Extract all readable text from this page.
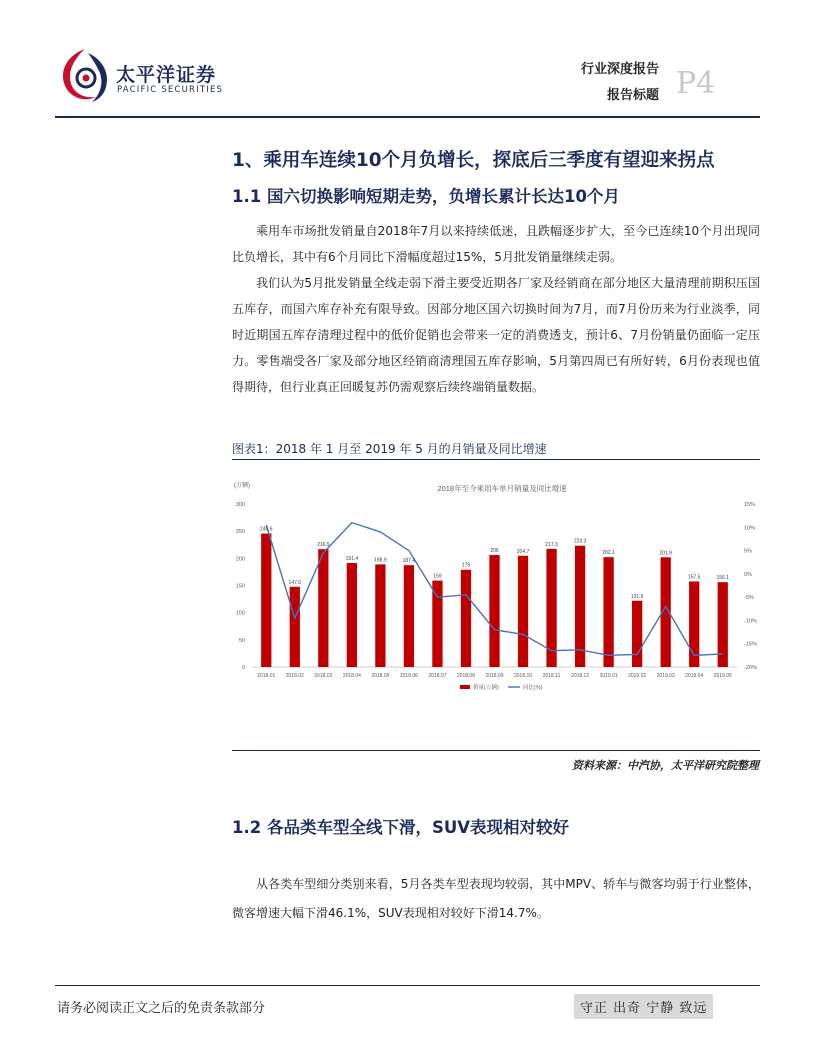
太平洋证券
PACIFIC SECURITIES
行业深度报告
报告标题 P4
1、乘用车连续10个月负增长，探底后三季度有望迎来拐点
1.1 国六切换影响短期走势，负增长累计长达10个月
乘用车市场批发销量自2018年7月以来持续低迷，且跌幅逐步扩大，至今已连续10个月出现同比负增长，其中有6个月同比下滑幅度超过15%，5月批发销量继续走弱。
我们认为5月批发销量全线走弱下滑主要受近期各厂家及经销商在部分地区大量清理前期积压国五库存，而国六库存补充有限导致。因部分地区国六切换时间为7月，而7月份历来为行业淡季，同时近期国五库存清理过程中的低价促销也会带来一定的消费透支，预计6、7月份销量仍面临一定压力。零售端受各厂家及部分地区经销商清理国五库存影响，5月第四周已有所好转，6月份表现也值得期待，但行业真正回暖复苏仍需观察后续终端销量数据。
图表1：2018 年 1 月至 2019 年 5 月的月销量及同比增速
2018年至今乘用车单月销量及同比增速
(万辆)
0
50
100
150
200
250
300
-20%
-15%
-10%
-5%
0%
5%
10%
15%
2018.01 2018.02 2018.03 2018.04 2018.05 2018.06 2018.07 2018.08 2018.09 2018.10 2018.11 2018.12 2019.01 2019.02 2019.03 2019.04 2019.05
245.6
147.6
216.9
191.4	188.9	187.4
159
179
206	204.7
217.3
223.3
202.1
121.9
201.9
157.5	156.1
销量(万辆)	同比(%)
资料来源：中汽协，太平洋研究院整理
1.2 各品类车型全线下滑，SUV表现相对较好
从各类车型细分类别来看，5月各类车型表现均较弱，其中MPV、轿车与微客均弱于行业整体，微客增速大幅下滑46.1%，SUV表现相对较好下滑14.7%。
请务必阅读正文之后的免责条款部分	守正 出奇 宁静 致远
